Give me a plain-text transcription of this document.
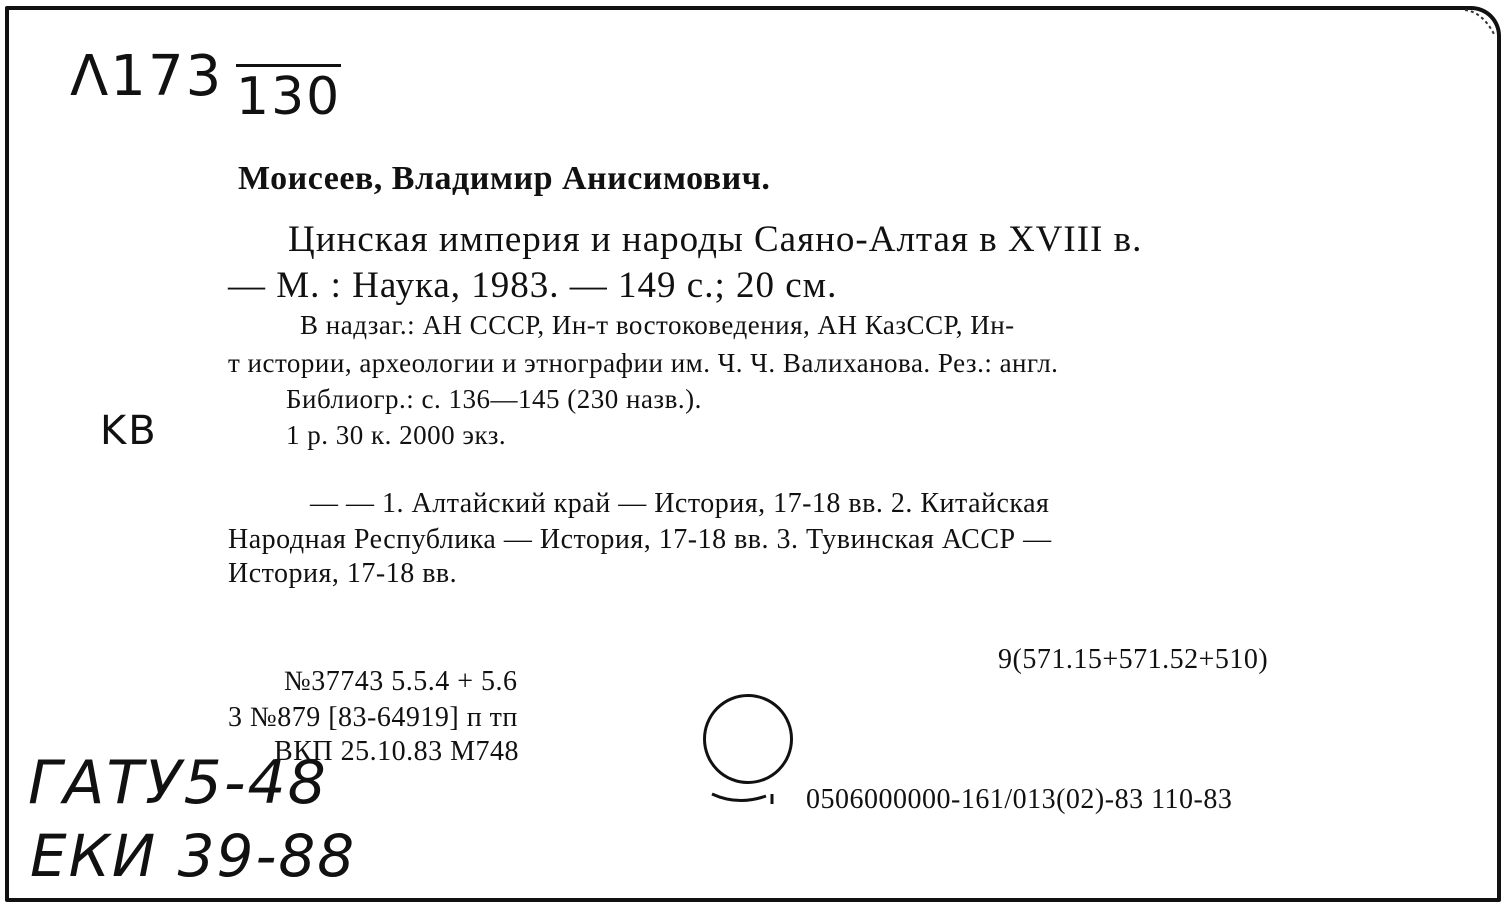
Λ173 130
KB
ГАТУ5-48
ЕКИ 39-88
Моисеев, Владимир Анисимович.
Цинская империя и народы Саяно-Алтая в XVIII в.
— М. : Наука, 1983. — 149 с.; 20 см.
В надзаг.: АН СССР, Ин-т востоковедения, АН КазССР, Ин-
т истории, археологии и этнографии им. Ч. Ч. Валиханова. Рез.: англ.
Библиогр.: с. 136—145 (230 назв.).
1 р. 30 к. 2000 экз.
— — 1. Алтайский край — История, 17-18 вв. 2. Китайская
Народная Республика — История, 17-18 вв. 3. Тувинская АССР —
История, 17-18 вв.
9(571.15+571.52+510)
№37743 5.5.4 + 5.6
3 №879 [83-64919] п тп
ВКП 25.10.83 М748
0506000000-161/013(02)-83 110-83
